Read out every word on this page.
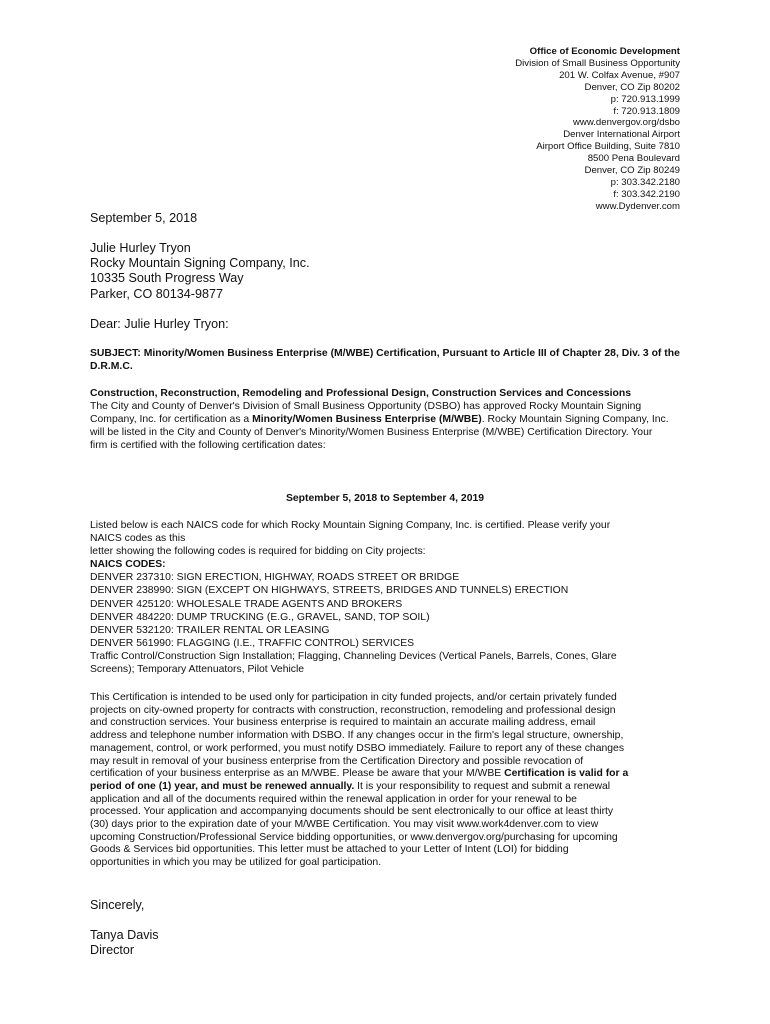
Office of Economic Development
Division of Small Business Opportunity
201 W. Colfax Avenue, #907
Denver, CO Zip 80202
p: 720.913.1999
f: 720.913.1809
www.denvergov.org/dsbo
Denver International Airport
Airport Office Building, Suite 7810
8500 Pena Boulevard
Denver, CO Zip 80249
p: 303.342.2180
f: 303.342.2190
www.Dydenver.com
September 5, 2018
Julie Hurley Tryon
Rocky Mountain Signing Company, Inc.
10335 South Progress Way
Parker, CO 80134-9877
Dear: Julie Hurley Tryon:
SUBJECT: Minority/Women Business Enterprise (M/WBE) Certification, Pursuant to Article III of Chapter 28, Div. 3 of the D.R.M.C.
Construction, Reconstruction, Remodeling and Professional Design, Construction Services and Concessions
The City and County of Denver's Division of Small Business Opportunity (DSBO) has approved Rocky Mountain Signing Company, Inc. for certification as a Minority/Women Business Enterprise (M/WBE). Rocky Mountain Signing Company, Inc. will be listed in the City and County of Denver's Minority/Women Business Enterprise (M/WBE) Certification Directory. Your firm is certified with the following certification dates:
September 5, 2018 to September 4, 2019
Listed below is each NAICS code for which Rocky Mountain Signing Company, Inc. is certified. Please verify your
NAICS codes as this
letter showing the following codes is required for bidding on City projects:
NAICS CODES:
DENVER 237310: SIGN ERECTION, HIGHWAY, ROADS STREET OR BRIDGE
DENVER 238990: SIGN (EXCEPT ON HIGHWAYS, STREETS, BRIDGES AND TUNNELS) ERECTION
DENVER 425120: WHOLESALE TRADE AGENTS AND BROKERS
DENVER 484220: DUMP TRUCKING (E.G., GRAVEL, SAND, TOP SOIL)
DENVER 532120: TRAILER RENTAL OR LEASING
DENVER 561990: FLAGGING (I.E., TRAFFIC CONTROL) SERVICES
Traffic Control/Construction Sign Installation; Flagging, Channeling Devices (Vertical Panels, Barrels, Cones, Glare
Screens); Temporary Attenuators, Pilot Vehicle
This Certification is intended to be used only for participation in city funded projects, and/or certain privately funded
projects on city-owned property for contracts with construction, reconstruction, remodeling and professional design
and construction services. Your business enterprise is required to maintain an accurate mailing address, email
address and telephone number information with DSBO. If any changes occur in the firm's legal structure, ownership,
management, control, or work performed, you must notify DSBO immediately. Failure to report any of these changes
may result in removal of your business enterprise from the Certification Directory and possible revocation of
certification of your business enterprise as an M/WBE. Please be aware that your M/WBE Certification is valid for a
period of one (1) year, and must be renewed annually. It is your responsibility to request and submit a renewal
application and all of the documents required within the renewal application in order for your renewal to be
processed. Your application and accompanying documents should be sent electronically to our office at least thirty
(30) days prior to the expiration date of your M/WBE Certification. You may visit www.work4denver.com to view
upcoming Construction/Professional Service bidding opportunities, or www.denvergov.org/purchasing for upcoming
Goods & Services bid opportunities. This letter must be attached to your Letter of Intent (LOI) for bidding
opportunities in which you may be utilized for goal participation.
Sincerely,
Tanya Davis
Director
